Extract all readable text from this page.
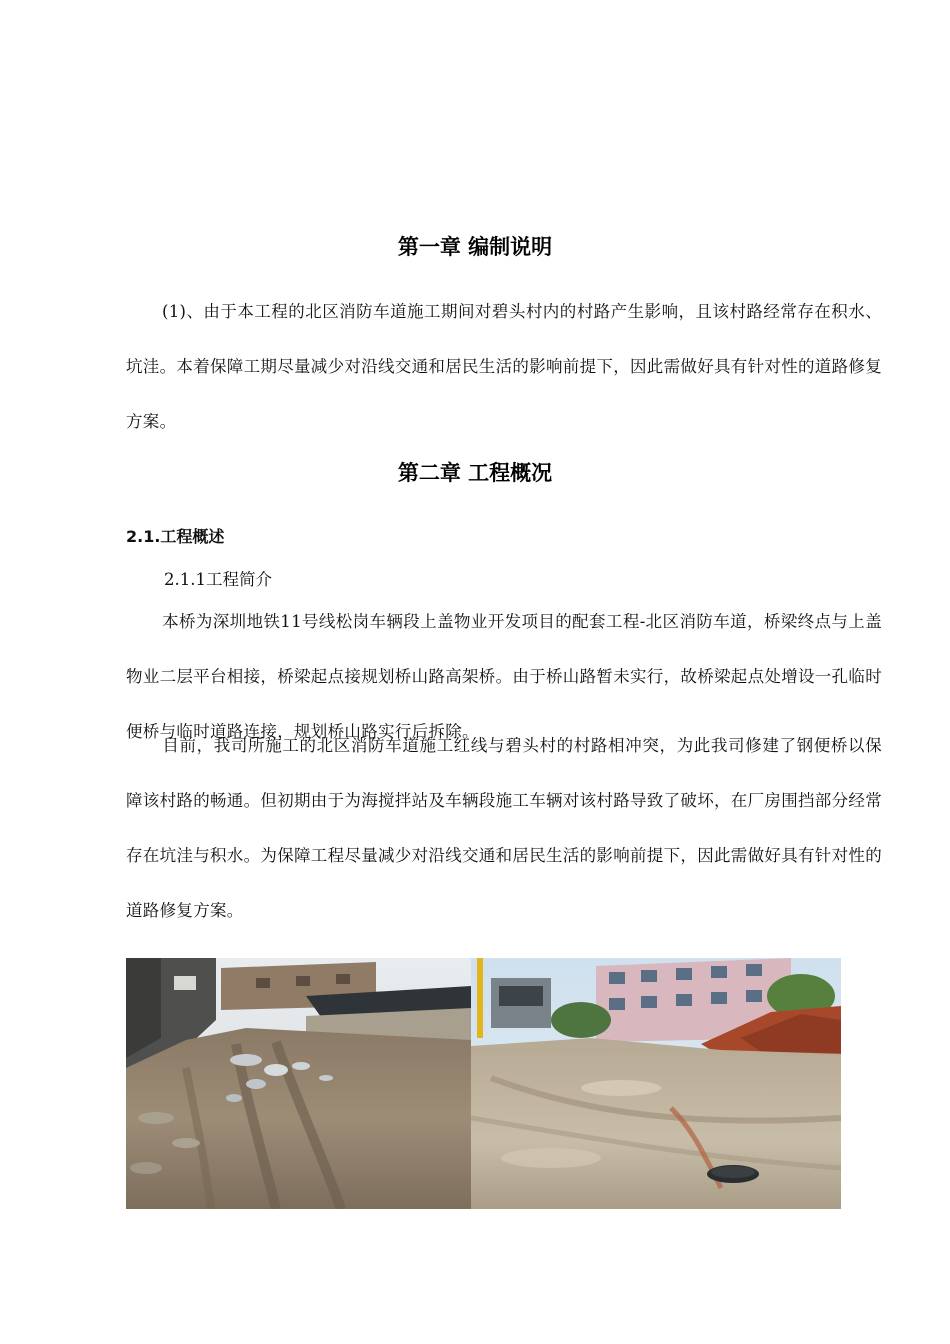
第一章 编制说明
(1)、由于本工程的北区消防车道施工期间对碧头村内的村路产生影响，且该村路经常存在积水、坑洼。本着保障工期尽量减少对沿线交通和居民生活的影响前提下，因此需做好具有针对性的道路修复方案。
第二章 工程概况
2.1.工程概述
2.1.1工程简介
本桥为深圳地铁11号线松岗车辆段上盖物业开发项目的配套工程-北区消防车道，桥梁终点与上盖物业二层平台相接，桥梁起点接规划桥山路高架桥。由于桥山路暂未实行，故桥梁起点处增设一孔临时便桥与临时道路连接，规划桥山路实行后拆除。
目前，我司所施工的北区消防车道施工红线与碧头村的村路相冲突，为此我司修建了钢便桥以保障该村路的畅通。但初期由于为海搅拌站及车辆段施工车辆对该村路导致了破坏，在厂房围挡部分经常存在坑洼与积水。为保障工程尽量减少对沿线交通和居民生活的影响前提下，因此需做好具有针对性的道路修复方案。
